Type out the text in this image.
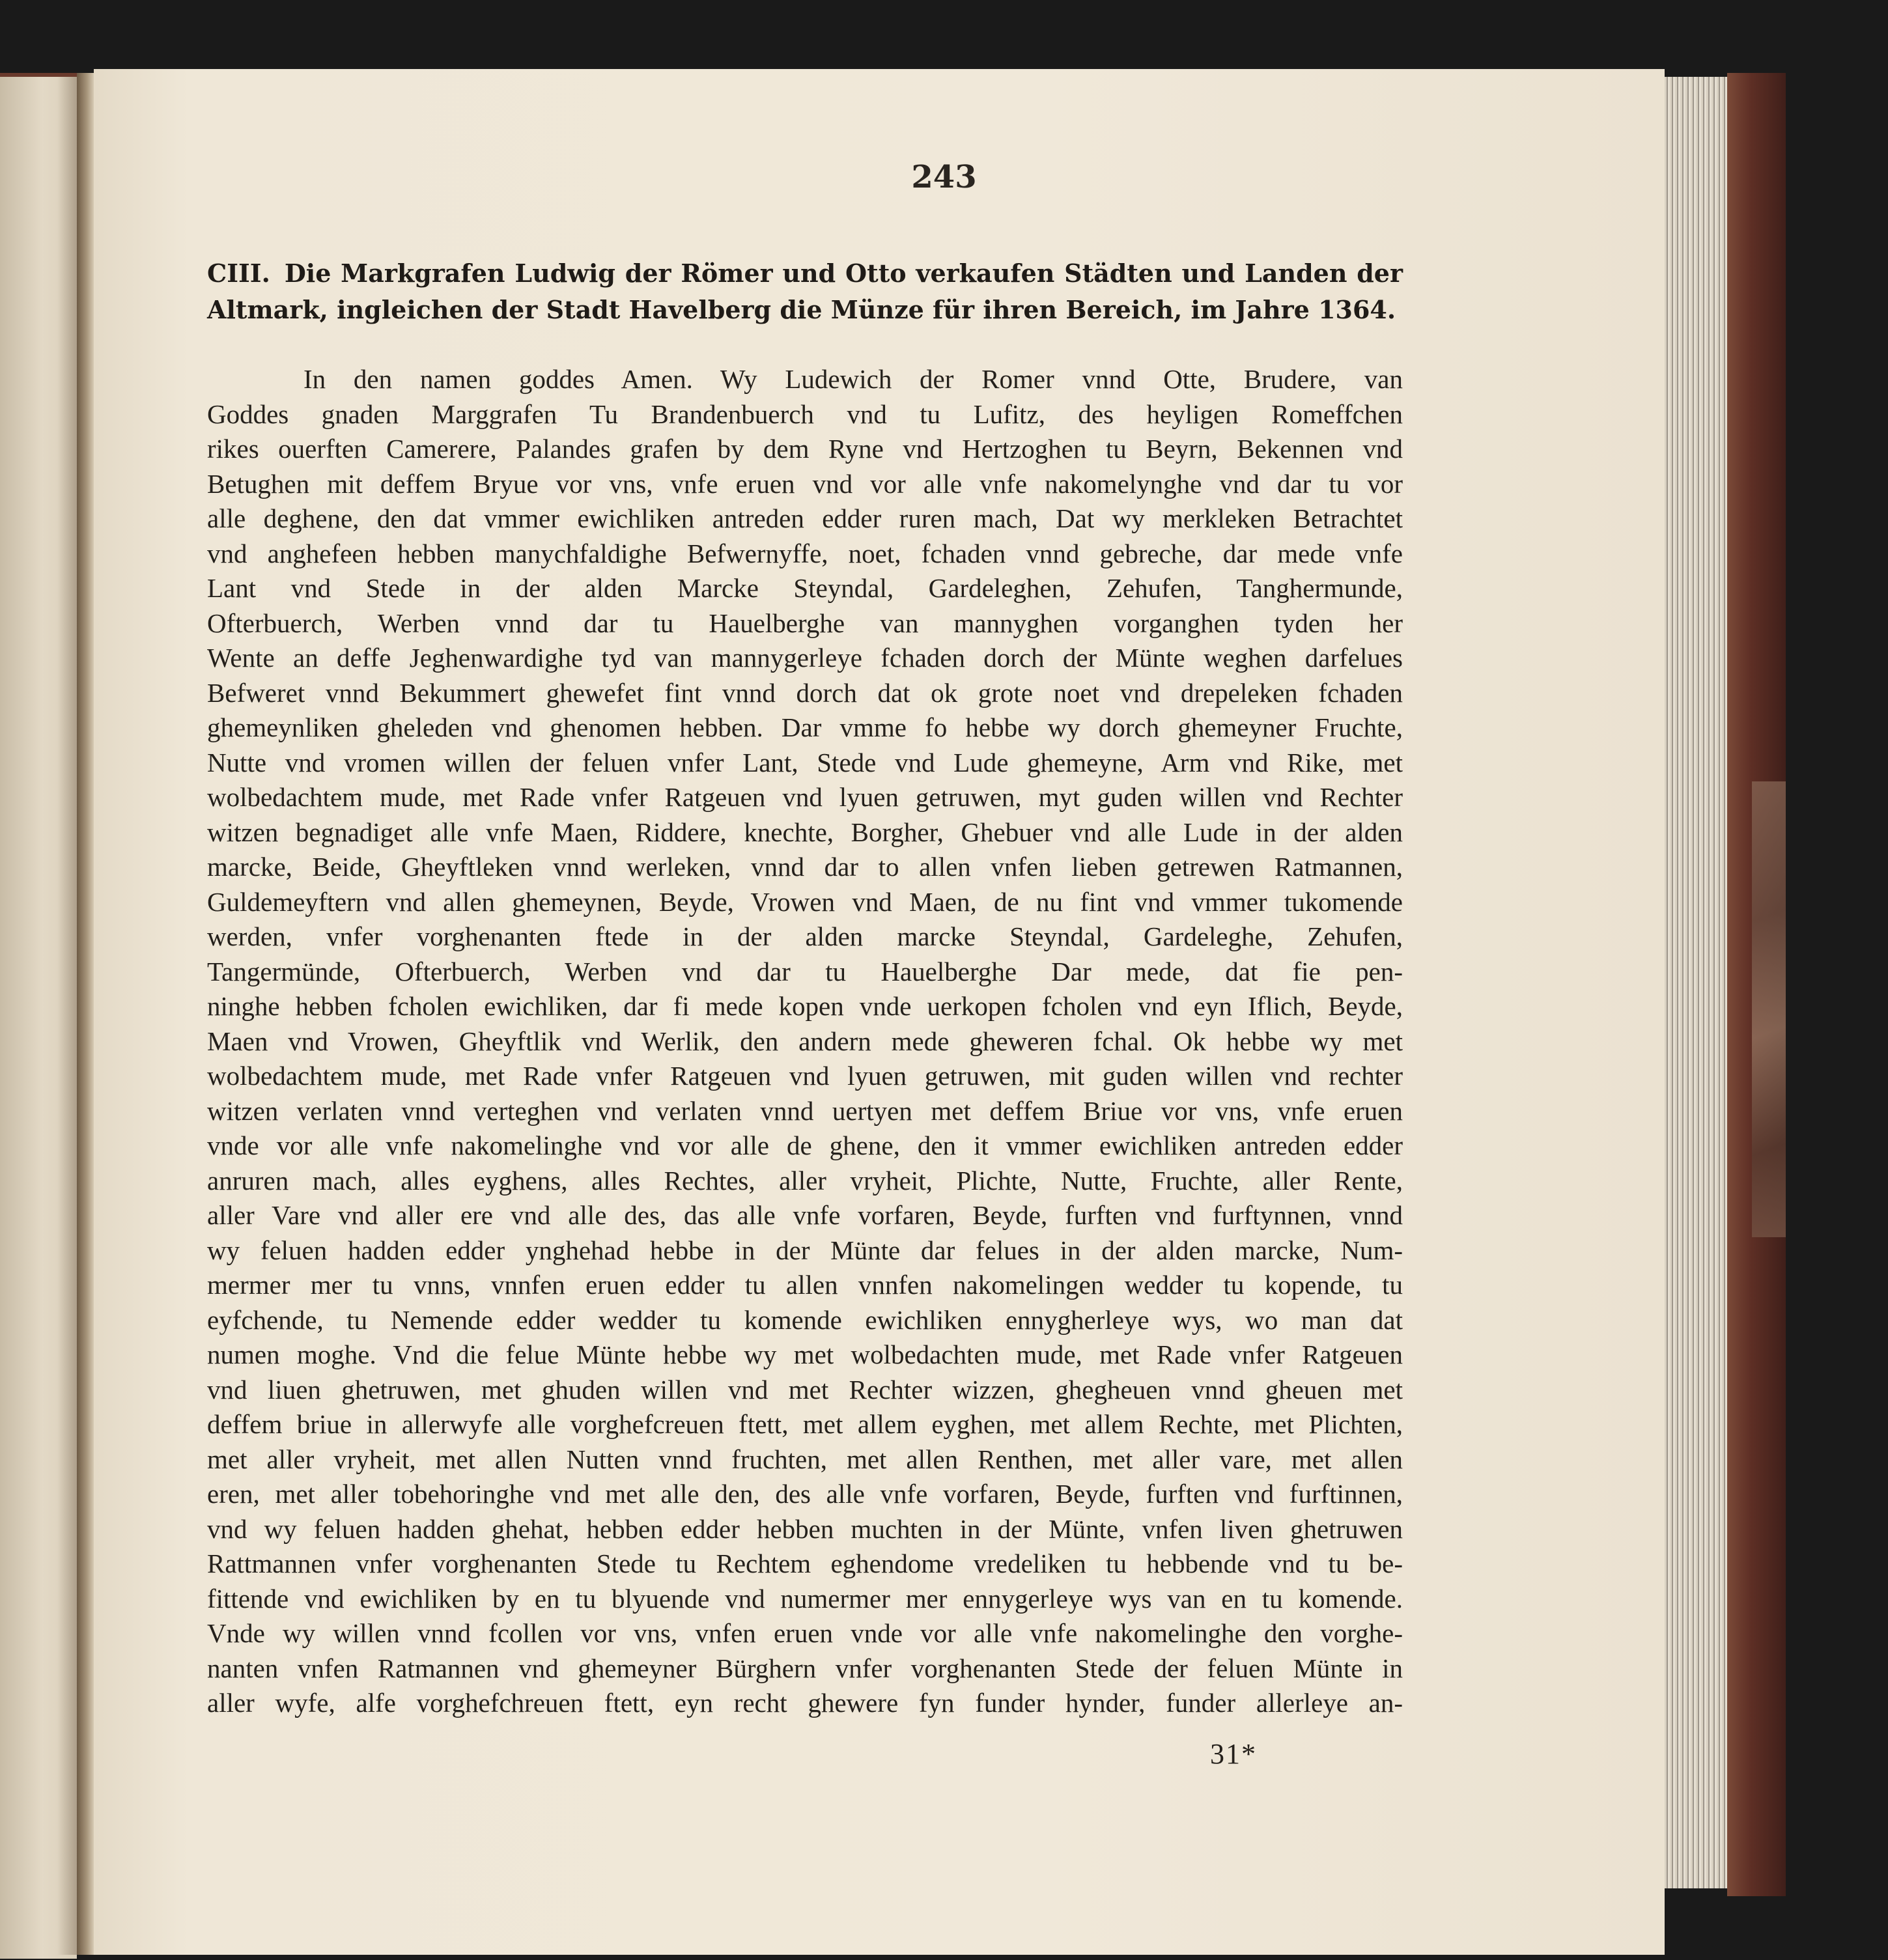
243

CIII. Die Markgrafen Ludwig der Römer und Otto verkaufen Städten und Landen der
Altmark, ingleichen der Stadt Havelberg die Münze für ihren Bereich, im Jahre 1364.
In den namen goddes Amen. Wy Ludewich der Romer vnnd Otte, Brudere, van
Goddes gnaden Marggrafen Tu Brandenbuerch vnd tu Lufitz, des heyligen Romeffchen
rikes ouerften Camerere, Palandes grafen by dem Ryne vnd Hertzoghen tu Beyrn, Bekennen vnd
Betughen mit deffem Bryue vor vns, vnfe eruen vnd vor alle vnfe nakomelynghe vnd dar tu vor
alle deghene, den dat vmmer ewichliken antreden edder ruren mach, Dat wy merkleken Betrachtet
vnd anghefeen hebben manychfaldighe Befwernyffe, noet, fchaden vnnd gebreche, dar mede vnfe
Lant vnd Stede in der alden Marcke Steyndal, Gardeleghen, Zehufen, Tanghermunde,
Ofterbuerch, Werben vnnd dar tu Hauelberghe van mannyghen vorganghen tyden her
Wente an deffe Jeghenwardighe tyd van mannygerleye fchaden dorch der Münte weghen darfelues
Befweret vnnd Bekummert ghewefet fint vnnd dorch dat ok grote noet vnd drepeleken fchaden
ghemeynliken gheleden vnd ghenomen hebben. Dar vmme fo hebbe wy dorch ghemeyner Fruchte,
Nutte vnd vromen willen der feluen vnfer Lant, Stede vnd Lude ghemeyne, Arm vnd Rike, met
wolbedachtem mude, met Rade vnfer Ratgeuen vnd lyuen getruwen, myt guden willen vnd Rechter
witzen begnadiget alle vnfe Maen, Riddere, knechte, Borgher, Ghebuer vnd alle Lude in der alden
marcke, Beide, Gheyftleken vnnd werleken, vnnd dar to allen vnfen lieben getrewen Ratmannen,
Guldemeyftern vnd allen ghemeynen, Beyde, Vrowen vnd Maen, de nu fint vnd vmmer tukomende
werden, vnfer vorghenanten ftede in der alden marcke Steyndal, Gardeleghe, Zehufen,
Tangermünde, Ofterbuerch, Werben vnd dar tu Hauelberghe Dar mede, dat fie pen-
ninghe hebben fcholen ewichliken, dar fi mede kopen vnde uerkopen fcholen vnd eyn Iflich, Beyde,
Maen vnd Vrowen, Gheyftlik vnd Werlik, den andern mede gheweren fchal. Ok hebbe wy met
wolbedachtem mude, met Rade vnfer Ratgeuen vnd lyuen getruwen, mit guden willen vnd rechter
witzen verlaten vnnd verteghen vnd verlaten vnnd uertyen met deffem Briue vor vns, vnfe eruen
vnde vor alle vnfe nakomelinghe vnd vor alle de ghene, den it vmmer ewichliken antreden edder
anruren mach, alles eyghens, alles Rechtes, aller vryheit, Plichte, Nutte, Fruchte, aller Rente,
aller Vare vnd aller ere vnd alle des, das alle vnfe vorfaren, Beyde, furften vnd furftynnen, vnnd
wy feluen hadden edder ynghehad hebbe in der Münte dar felues in der alden marcke, Num-
mermer mer tu vnns, vnnfen eruen edder tu allen vnnfen nakomelingen wedder tu kopende, tu
eyfchende, tu Nemende edder wedder tu komende ewichliken ennygherleye wys, wo man dat
numen moghe. Vnd die felue Münte hebbe wy met wolbedachten mude, met Rade vnfer Ratgeuen
vnd liuen ghetruwen, met ghuden willen vnd met Rechter wizzen, ghegheuen vnnd gheuen met
deffem briue in allerwyfe alle vorghefcreuen ftett, met allem eyghen, met allem Rechte, met Plichten,
met aller vryheit, met allen Nutten vnnd fruchten, met allen Renthen, met aller vare, met allen
eren, met aller tobehoringhe vnd met alle den, des alle vnfe vorfaren, Beyde, furften vnd furftinnen,
vnd wy feluen hadden ghehat, hebben edder hebben muchten in der Münte, vnfen liven ghetruwen
Rattmannen vnfer vorghenanten Stede tu Rechtem eghendome vredeliken tu hebbende vnd tu be-
fittende vnd ewichliken by en tu blyuende vnd numermer mer ennygerleye wys van en tu komende.
Vnde wy willen vnnd fcollen vor vns, vnfen eruen vnde vor alle vnfe nakomelinghe den vorghe-
nanten vnfen Ratmannen vnd ghemeyner Bürghern vnfer vorghenanten Stede der feluen Münte in
aller wyfe, alfe vorghefchreuen ftett, eyn recht ghewere fyn funder hynder, funder allerleye an-
31*
